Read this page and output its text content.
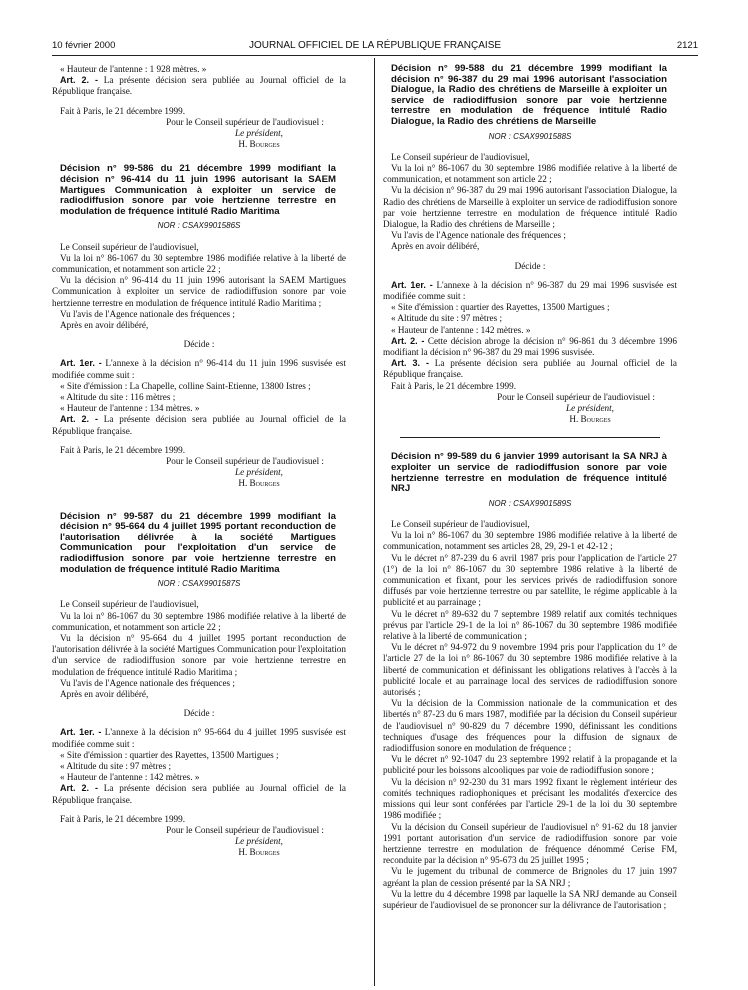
10 février 2000	JOURNAL OFFICIEL DE LA RÉPUBLIQUE FRANÇAISE	2121

« Hauteur de l'antenne : 1 928 mètres. »

Art. 2. - La présente décision sera publiée au Journal officiel de la République française.

Fait à Paris, le 21 décembre 1999.

Pour le Conseil supérieur de l'audiovisuel :

Le président,

H. Bourges

Décision n° 99-586 du 21 décembre 1999 modifiant la décision n° 96-414 du 11 juin 1996 autorisant la SAEM Martigues Communication à exploiter un service de radiodiffusion sonore par voie hertzienne terrestre en modulation de fréquence intitulé Radio Maritima

NOR : CSAX9901586S

Le Conseil supérieur de l'audiovisuel,

Vu la loi n° 86-1067 du 30 septembre 1986 modifiée relative à la liberté de communication, et notamment son article 22 ;

Vu la décision n° 96-414 du 11 juin 1996 autorisant la SAEM Martigues Communication à exploiter un service de radiodiffusion sonore par voie hertzienne terrestre en modulation de fréquence intitulé Radio Maritima ;

Vu l'avis de l'Agence nationale des fréquences ;

Après en avoir délibéré,

Décide :

Art. 1er. - L'annexe à la décision n° 96-414 du 11 juin 1996 susvisée est modifiée comme suit :

« Site d'émission : La Chapelle, colline Saint-Etienne, 13800 Istres ;

« Altitude du site : 116 mètres ;

« Hauteur de l'antenne : 134 mètres. »

Art. 2. - La présente décision sera publiée au Journal officiel de la République française.

Fait à Paris, le 21 décembre 1999.

Pour le Conseil supérieur de l'audiovisuel :

Le président,

H. Bourges

Décision n° 99-587 du 21 décembre 1999 modifiant la décision n° 95-664 du 4 juillet 1995 portant reconduction de l'autorisation délivrée à la société Martigues Communication pour l'exploitation d'un service de radiodiffusion sonore par voie hertzienne terrestre en modulation de fréquence intitulé Radio Maritima

NOR : CSAX9901587S

Le Conseil supérieur de l'audiovisuel,

Vu la loi n° 86-1067 du 30 septembre 1986 modifiée relative à la liberté de communication, et notamment son article 22 ;

Vu la décision n° 95-664 du 4 juillet 1995 portant reconduction de l'autorisation délivrée à la société Martigues Communication pour l'exploitation d'un service de radiodiffusion sonore par voie hertzienne terrestre en modulation de fréquence intitulé Radio Maritima ;

Vu l'avis de l'Agence nationale des fréquences ;

Après en avoir délibéré,

Décide :

Art. 1er. - L'annexe à la décision n° 95-664 du 4 juillet 1995 susvisée est modifiée comme suit :

« Site d'émission : quartier des Rayettes, 13500 Martigues ;

« Altitude du site : 97 mètres ;

« Hauteur de l'antenne : 142 mètres. »

Art. 2. - La présente décision sera publiée au Journal officiel de la République française.

Fait à Paris, le 21 décembre 1999.

Pour le Conseil supérieur de l'audiovisuel :

Le président,

H. Bourges

Décision n° 99-588 du 21 décembre 1999 modifiant la décision n° 96-387 du 29 mai 1996 autorisant l'association Dialogue, la Radio des chrétiens de Marseille à exploiter un service de radiodiffusion sonore par voie hertzienne terrestre en modulation de fréquence intitulé Radio Dialogue, la Radio des chrétiens de Marseille

NOR : CSAX9901588S

Le Conseil supérieur de l'audiovisuel,

Vu la loi n° 86-1067 du 30 septembre 1986 modifiée relative à la liberté de communication, et notamment son article 22 ;

Vu la décision n° 96-387 du 29 mai 1996 autorisant l'association Dialogue, la Radio des chrétiens de Marseille à exploiter un service de radiodiffusion sonore par voie hertzienne terrestre en modulation de fréquence intitulé Radio Dialogue, la Radio des chrétiens de Marseille ;

Vu l'avis de l'Agence nationale des fréquences ;

Après en avoir délibéré,

Décide :

Art. 1er. - L'annexe à la décision n° 96-387 du 29 mai 1996 susvisée est modifiée comme suit :

« Site d'émission : quartier des Rayettes, 13500 Martigues ;

« Altitude du site : 97 mètres ;

« Hauteur de l'antenne : 142 mètres. »

Art. 2. - Cette décision abroge la décision n° 96-861 du 3 décembre 1996 modifiant la décision n° 96-387 du 29 mai 1996 susvisée.

Art. 3. - La présente décision sera publiée au Journal officiel de la République française.

Fait à Paris, le 21 décembre 1999.

Pour le Conseil supérieur de l'audiovisuel :

Le président,

H. Bourges

Décision n° 99-589 du 6 janvier 1999 autorisant la SA NRJ à exploiter un service de radiodiffusion sonore par voie hertzienne terrestre en modulation de fréquence intitulé NRJ

NOR : CSAX9901589S

Le Conseil supérieur de l'audiovisuel,

Vu la loi n° 86-1067 du 30 septembre 1986 modifiée relative à la liberté de communication, notamment ses articles 28, 29, 29-1 et 42-12 ;

Vu le décret n° 87-239 du 6 avril 1987 pris pour l'application de l'article 27 (1°) de la loi n° 86-1067 du 30 septembre 1986 relative à la liberté de communication et fixant, pour les services privés de radiodiffusion sonore diffusés par voie hertzienne terrestre ou par satellite, le régime applicable à la publicité et au parrainage ;

Vu le décret n° 89-632 du 7 septembre 1989 relatif aux comités techniques prévus par l'article 29-1 de la loi n° 86-1067 du 30 septembre 1986 modifiée relative à la liberté de communication ;

Vu le décret n° 94-972 du 9 novembre 1994 pris pour l'application du 1° de l'article 27 de la loi n° 86-1067 du 30 septembre 1986 modifiée relative à la liberté de communication et définissant les obligations relatives à l'accès à la publicité locale et au parrainage local des services de radiodiffusion sonore autorisés ;

Vu la décision de la Commission nationale de la communication et des libertés n° 87-23 du 6 mars 1987, modifiée par la décision du Conseil supérieur de l'audiovisuel n° 90-829 du 7 décembre 1990, définissant les conditions techniques d'usage des fréquences pour la diffusion de signaux de radiodiffusion sonore en modulation de fréquence ;

Vu le décret n° 92-1047 du 23 septembre 1992 relatif à la propagande et la publicité pour les boissons alcooliques par voie de radiodiffusion sonore ;

Vu la décision n° 92-230 du 31 mars 1992 fixant le règlement intérieur des comités techniques radiophoniques et précisant les modalités d'exercice des missions qui leur sont conférées par l'article 29-1 de la loi du 30 septembre 1986 modifiée ;

Vu la décision du Conseil supérieur de l'audiovisuel n° 91-62 du 18 janvier 1991 portant autorisation d'un service de radiodiffusion sonore par voie hertzienne terrestre en modulation de fréquence dénommé Cerise FM, reconduite par la décision n° 95-673 du 25 juillet 1995 ;

Vu le jugement du tribunal de commerce de Brignoles du 17 juin 1997 agréant la plan de cession présenté par la SA NRJ ;

Vu la lettre du 4 décembre 1998 par laquelle la SA NRJ demande au Conseil supérieur de l'audiovisuel de se prononcer sur la délivrance de l'autorisation ;
